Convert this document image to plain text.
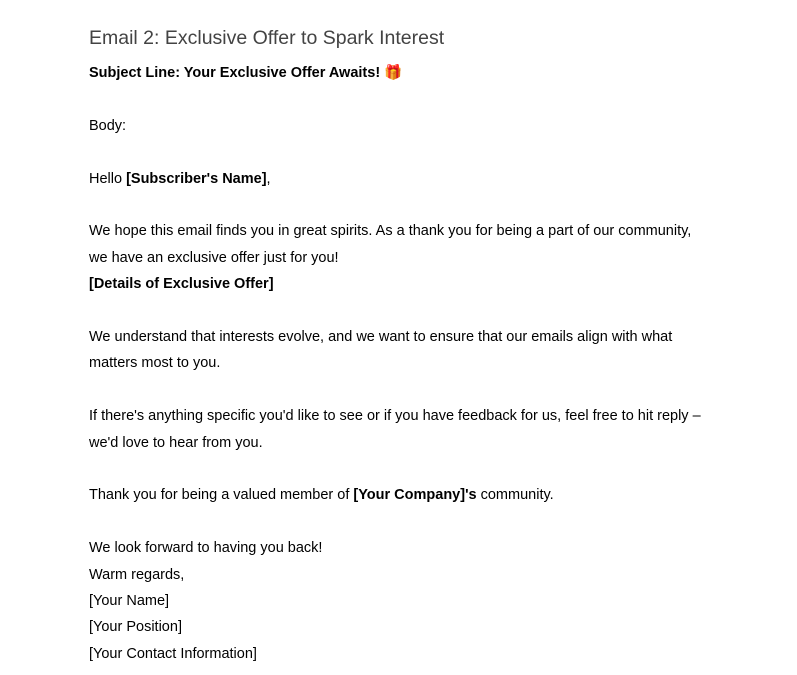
Email 2: Exclusive Offer to Spark Interest

Subject Line: Your Exclusive Offer Awaits! 🎁

Body:

Hello [Subscriber's Name],

We hope this email finds you in great spirits. As a thank you for being a part of our community,

we have an exclusive offer just for you!

[Details of Exclusive Offer]

We understand that interests evolve, and we want to ensure that our emails align with what

matters most to you.

If there's anything specific you'd like to see or if you have feedback for us, feel free to hit reply –

we'd love to hear from you.

Thank you for being a valued member of [Your Company]'s community.

We look forward to having you back!

Warm regards,

[Your Name]

[Your Position]

[Your Contact Information]
